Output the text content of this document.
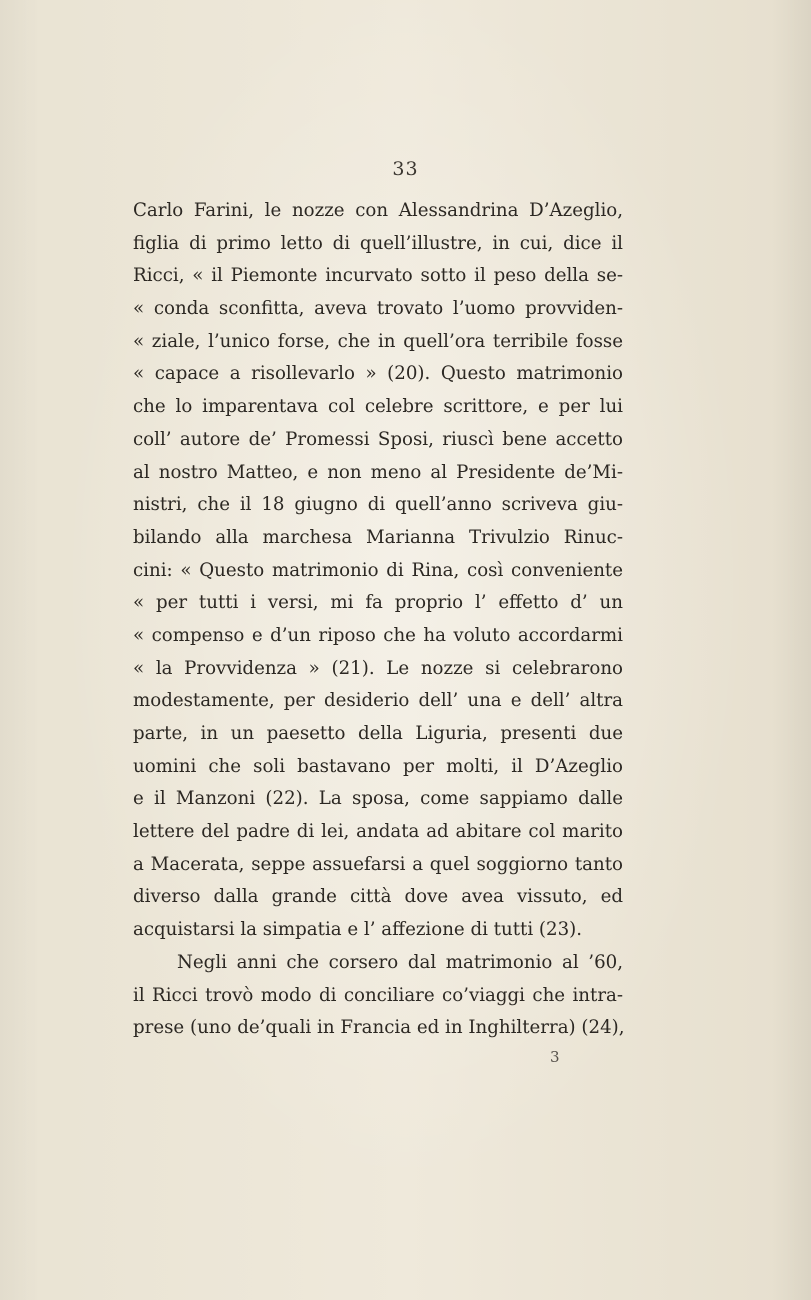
33
Carlo Farini, le nozze con Alessandrina D’Azeglio,
figlia di primo letto di quell’illustre, in cui, dice il
Ricci, « il Piemonte incurvato sotto il peso della se-
« conda sconfitta, aveva trovato l’uomo provviden-
« ziale, l’unico forse, che in quell’ora terribile fosse
« capace a risollevarlo » (20). Questo matrimonio
che lo imparentava col celebre scrittore, e per lui
coll’ autore de’ Promessi Sposi, riuscì bene accetto
al nostro Matteo, e non meno al Presidente de’Mi-
nistri, che il 18 giugno di quell’anno scriveva giu-
bilando alla marchesa Marianna Trivulzio Rinuc-
cini: « Questo matrimonio di Rina, così conveniente
« per tutti i versi, mi fa proprio l’ effetto d’ un
« compenso e d’un riposo che ha voluto accordarmi
« la Provvidenza » (21). Le nozze si celebrarono
modestamente, per desiderio dell’ una e dell’ altra
parte, in un paesetto della Liguria, presenti due
uomini che soli bastavano per molti, il D’Azeglio
e il Manzoni (22). La sposa, come sappiamo dalle
lettere del padre di lei, andata ad abitare col marito
a Macerata, seppe assuefarsi a quel soggiorno tanto
diverso dalla grande città dove avea vissuto, ed
acquistarsi la simpatia e l’ affezione di tutti (23).
Negli anni che corsero dal matrimonio al ’60,
il Ricci trovò modo di conciliare co’viaggi che intra-
prese (uno de’quali in Francia ed in Inghilterra) (24),
3
